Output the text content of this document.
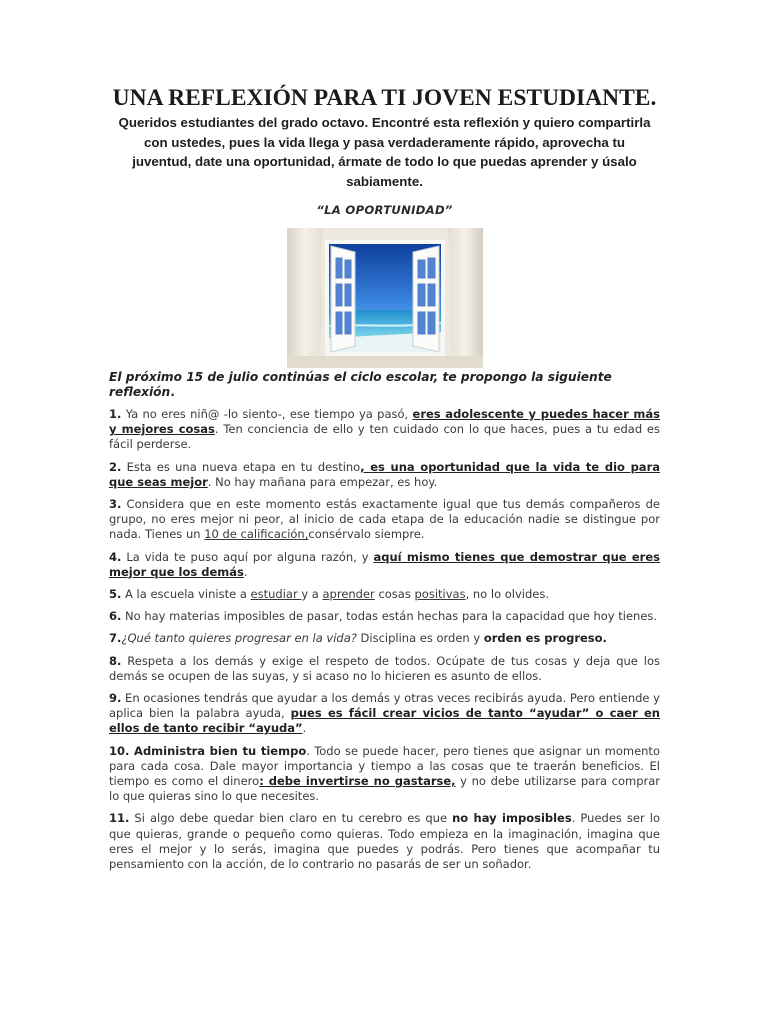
UNA REFLEXIÓN PARA TI JOVEN ESTUDIANTE.

Queridos estudiantes del grado octavo. Encontré esta reflexión y quiero compartirla con ustedes, pues la vida llega y pasa verdaderamente rápido, aprovecha tu juventud, date una oportunidad, ármate de todo lo que puedas aprender y úsalo sabiamente.

“LA OPORTUNIDAD”

El próximo 15 de julio continúas el ciclo escolar, te propongo la siguiente reflexión.

1. Ya no eres niñ@ -lo siento-, ese tiempo ya pasó, eres adolescente y puedes hacer más y mejores cosas. Ten conciencia de ello y ten cuidado con lo que haces, pues a tu edad es fácil perderse.

2. Esta es una nueva etapa en tu destino, es una oportunidad que la vida te dio para que seas mejor. No hay mañana para empezar, es hoy.

3. Considera que en este momento estás exactamente igual que tus demás compañeros de grupo, no eres mejor ni peor, al inicio de cada etapa de la educación nadie se distingue por nada. Tienes un 10 de calificación,consérvalo siempre.

4. La vida te puso aquí por alguna razón, y aquí mismo tienes que demostrar que eres mejor que los demás.

5. A la escuela viniste a estudiar y a aprender cosas positivas, no lo olvides.

6. No hay materias imposibles de pasar, todas están hechas para la capacidad que hoy tienes.

7.¿Qué tanto quieres progresar en la vida? Disciplina es orden y orden es progreso.

8. Respeta a los demás y exige el respeto de todos. Ocúpate de tus cosas y deja que los demás se ocupen de las suyas, y si acaso no lo hicieren es asunto de ellos.

9. En ocasiones tendrás que ayudar a los demás y otras veces recibirás ayuda. Pero entiende y aplica bien la palabra ayuda, pues es fácil crear vicios de tanto “ayudar” o caer en ellos de tanto recibir “ayuda”.

10. Administra bien tu tiempo. Todo se puede hacer, pero tienes que asignar un momento para cada cosa. Dale mayor importancia y tiempo a las cosas que te traerán beneficios. El tiempo es como el dinero: debe invertirse no gastarse, y no debe utilizarse para comprar lo que quieras sino lo que necesites.

11. Si algo debe quedar bien claro en tu cerebro es que no hay imposibles. Puedes ser lo que quieras, grande o pequeño como quieras. Todo empieza en la imaginación, imagina que eres el mejor y lo serás, imagina que puedes y podrás. Pero tienes que acompañar tu pensamiento con la acción, de lo contrario no pasarás de ser un soñador.
